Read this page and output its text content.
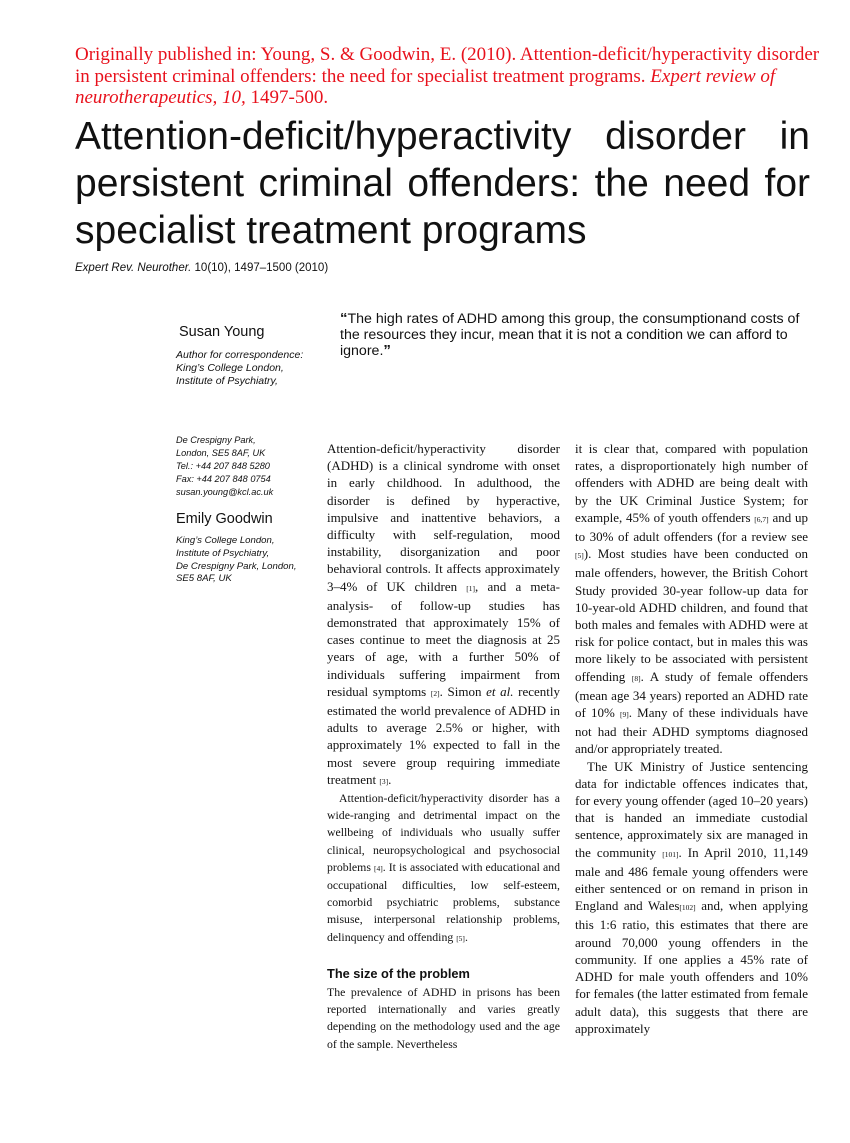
Originally published in: Young, S. & Goodwin, E. (2010). Attention-deficit/hyperactivity disorder in persistent criminal offenders: the need for specialist treatment programs. Expert review of neurotherapeutics, 10, 1497-500.
Attention-deficit/hyperactivity disorder in persistent criminal offenders: the need for specialist treatment programs
Expert Rev. Neurother. 10(10), 1497–1500 (2010)
“The high rates of ADHD among this group, the consumptionand costs of the resources they incur, mean that it is not a condition we can afford to ignore.”
Susan Young
Author for correspondence: King’s College London, Institute of Psychiatry,
De Crespigny Park,
London, SE5 8AF, UK
Tel.: +44 207 848 5280
Fax: +44 207 848 0754
susan.young@kcl.ac.uk
Emily Goodwin
King’s College London,
Institute of Psychiatry,
De Crespigny Park, London,
SE5 8AF, UK

Attention-deficit/hyperactivity disorder (ADHD) is a clinical syndrome with onset in early childhood. In adulthood, the disorder is defined by hyperactive, impulsive and inattentive behaviors, a difficulty with self-regulation, mood instability, disorganization and poor behavioral controls. It affects approximately 3–4% of UK children [1], and a meta-analysis- of follow-up studies has demonstrated that approximately 15% of cases continue to meet the diagnosis at 25 years of age, with a further 50% of individuals suffering impairment from residual symptoms [2]. Simon et al. recently estimated the world prevalence of ADHD in adults to average 2.5% or higher, with approximately 1% expected to fall in the most severe group requiring immediate treatment [3].

Attention-deficit/hyperactivity disorder has a wide-ranging and detrimental impact on the wellbeing of individuals who usually suffer clinical, neuropsychological and psychosocial problems [4]. It is associated with educational and occupational difficulties, low self-esteem, comorbid psychiatric problems, substance misuse, interpersonal relationship problems, delinquency and offending [5].

The size of the problem

The prevalence of ADHD in prisons has been reported internationally and varies greatly depending on the methodology used and the age of the sample. Nevertheless

it is clear that, compared with population rates, a disproportionately high number of offenders with ADHD are being dealt with by the UK Criminal Justice System; for example, 45% of youth offenders [6,7] and up to 30% of adult offenders (for a review see [5]). Most studies have been conducted on male offenders, however, the British Cohort Study provided 30-year follow-up data for 10-year-old ADHD children, and found that both males and females with ADHD were at risk for police contact, but in males this was more likely to be associated with persistent offending [8]. A study of female offenders (mean age 34 years) reported an ADHD rate of 10% [9]. Many of these individuals have not had their ADHD symptoms diagnosed and/or appropriately treated.

The UK Ministry of Justice sentencing data for indictable offences indicates that, for every young offender (aged 10–20 years) that is handed an immediate custodial sentence, approximately six are managed in the community [101]. In April 2010, 11,149 male and 486 female young offenders were either sentenced or on remand in prison in England and Wales[102] and, when applying this 1:6 ratio, this estimates that there are around 70,000 young offenders in the community. If one applies a 45% rate of ADHD for male youth offenders and 10% for females (the latter estimated from female adult data), this suggests that there are approximately
